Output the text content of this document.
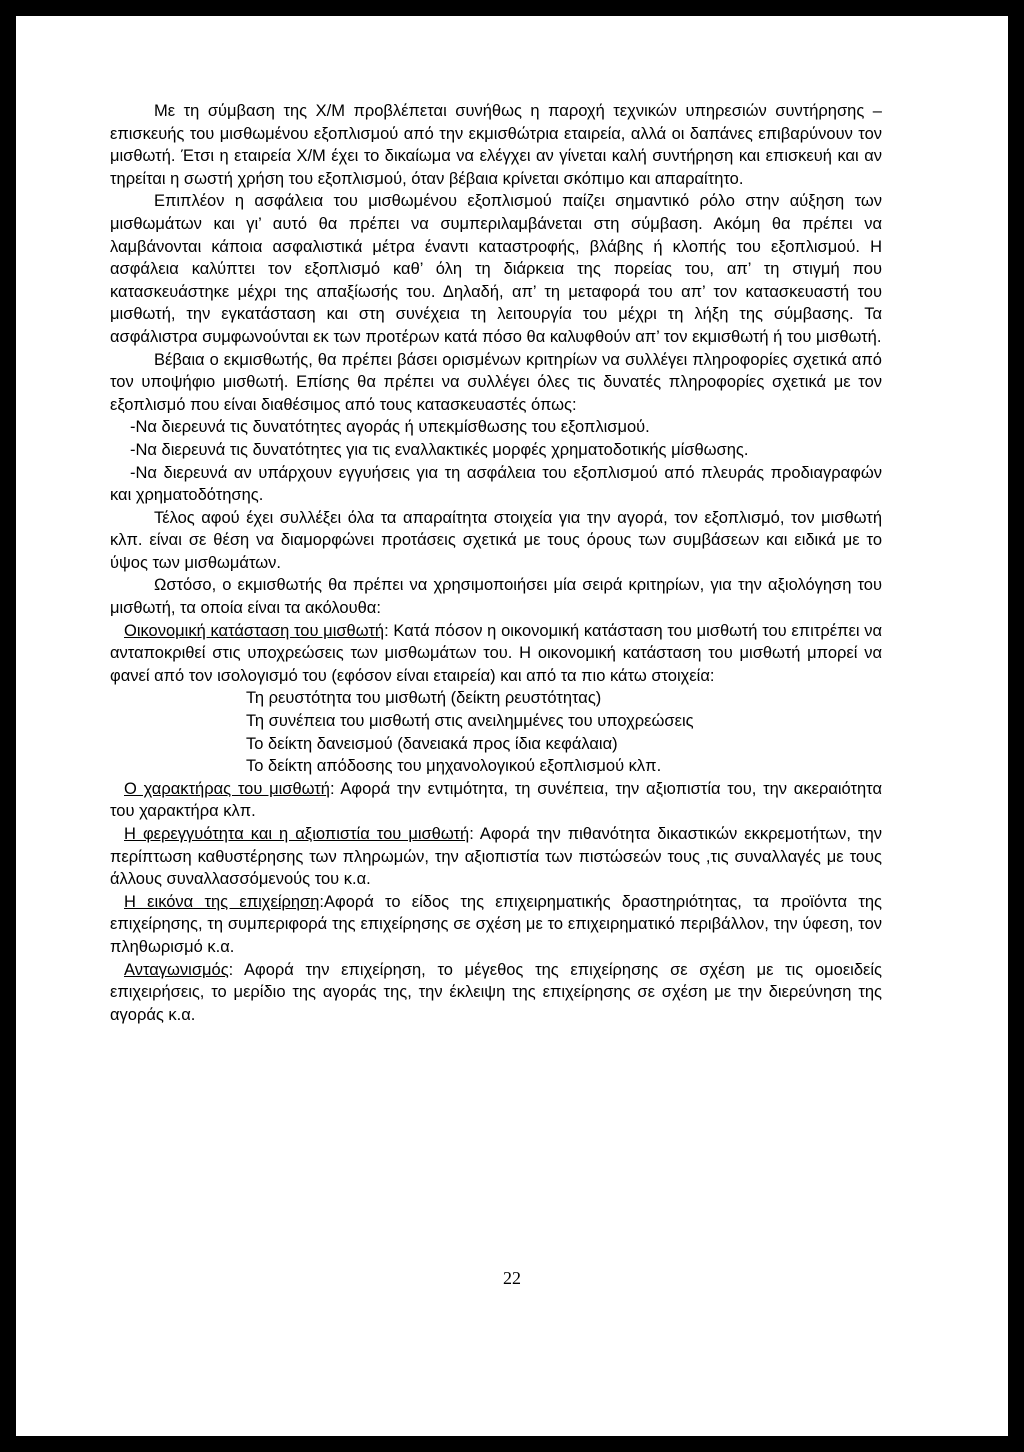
Με τη σύμβαση της Χ/Μ προβλέπεται συνήθως η παροχή τεχνικών υπηρεσιών συντήρησης – επισκευής του μισθωμένου εξοπλισμού από την εκμισθώτρια εταιρεία, αλλά οι δαπάνες επιβαρύνουν τον μισθωτή. Έτσι η εταιρεία Χ/Μ έχει το δικαίωμα να ελέγχει αν γίνεται καλή συντήρηση και επισκευή και αν τηρείται η σωστή χρήση του εξοπλισμού, όταν βέβαια κρίνεται σκόπιμο και απαραίτητο.

Επιπλέον η ασφάλεια του μισθωμένου εξοπλισμού παίζει σημαντικό ρόλο στην αύξηση των μισθωμάτων και γι’ αυτό θα πρέπει να συμπεριλαμβάνεται στη σύμβαση. Ακόμη θα πρέπει να λαμβάνονται κάποια ασφαλιστικά μέτρα έναντι καταστροφής, βλάβης ή κλοπής του εξοπλισμού. Η ασφάλεια καλύπτει τον εξοπλισμό καθ’ όλη τη διάρκεια της πορείας του, απ’ τη στιγμή που κατασκευάστηκε μέχρι της απαξίωσής του. Δηλαδή, απ’ τη μεταφορά του απ’ τον κατασκευαστή του μισθωτή, την εγκατάσταση και στη συνέχεια τη λειτουργία του μέχρι τη λήξη της σύμβασης. Τα ασφάλιστρα συμφωνούνται εκ των προτέρων κατά πόσο θα καλυφθούν απ’ τον εκμισθωτή ή του μισθωτή.

Βέβαια ο εκμισθωτής, θα πρέπει βάσει ορισμένων κριτηρίων να συλλέγει πληροφορίες σχετικά από τον υποψήφιο μισθωτή. Επίσης θα πρέπει να συλλέγει όλες τις δυνατές πληροφορίες σχετικά με τον εξοπλισμό που είναι διαθέσιμος από τους κατασκευαστές όπως:

-Να διερευνά τις δυνατότητες αγοράς ή υπεκμίσθωσης του εξοπλισμού.

-Να διερευνά τις δυνατότητες για τις εναλλακτικές μορφές χρηματοδοτικής μίσθωσης.

-Να διερευνά αν υπάρχουν εγγυήσεις για τη ασφάλεια του εξοπλισμού από πλευράς προδιαγραφών και χρηματοδότησης.

Τέλος αφού έχει συλλέξει όλα τα απαραίτητα στοιχεία για την αγορά, τον εξοπλισμό, τον μισθωτή κλπ. είναι σε θέση να διαμορφώνει προτάσεις σχετικά με τους όρους των συμβάσεων και ειδικά με το ύψος των μισθωμάτων.

Ωστόσο, ο εκμισθωτής θα πρέπει να χρησιμοποιήσει μία σειρά κριτηρίων, για την αξιολόγηση του μισθωτή, τα οποία είναι τα ακόλουθα:

Οικονομική κατάσταση του μισθωτή: Κατά πόσον η οικονομική κατάσταση του μισθωτή του επιτρέπει να ανταποκριθεί στις υποχρεώσεις των μισθωμάτων του. Η οικονομική κατάσταση του μισθωτή μπορεί να φανεί από τον ισολογισμό του (εφόσον είναι εταιρεία) και από τα πιο κάτω στοιχεία:

Τη ρευστότητα του μισθωτή (δείκτη ρευστότητας)
Τη συνέπεια του μισθωτή στις ανειλημμένες του υποχρεώσεις
Το δείκτη δανεισμού (δανειακά προς ίδια κεφάλαια)
Το δείκτη απόδοσης του μηχανολογικού εξοπλισμού κλπ.

Ο χαρακτήρας του μισθωτή: Αφορά την εντιμότητα, τη συνέπεια, την αξιοπιστία του, την ακεραιότητα του χαρακτήρα κλπ.

Η φερεγγυότητα και η αξιοπιστία του μισθωτή: Αφορά την πιθανότητα δικαστικών εκκρεμοτήτων, την περίπτωση καθυστέρησης των πληρωμών, την αξιοπιστία των πιστώσεών τους ,τις συναλλαγές με τους άλλους συναλλασσόμενούς του κ.α.

Η εικόνα της επιχείρηση:Αφορά το είδος της επιχειρηματικής δραστηριότητας, τα προϊόντα της επιχείρησης, τη συμπεριφορά της επιχείρησης σε σχέση με το επιχειρηματικό περιβάλλον, την ύφεση, τον πληθωρισμό κ.α.

Ανταγωνισμός: Αφορά την επιχείρηση, το μέγεθος της επιχείρησης σε σχέση με τις ομοειδείς επιχειρήσεις, το μερίδιο της αγοράς της, την έκλειψη της επιχείρησης σε σχέση με την διερεύνηση της αγοράς κ.α.

22
